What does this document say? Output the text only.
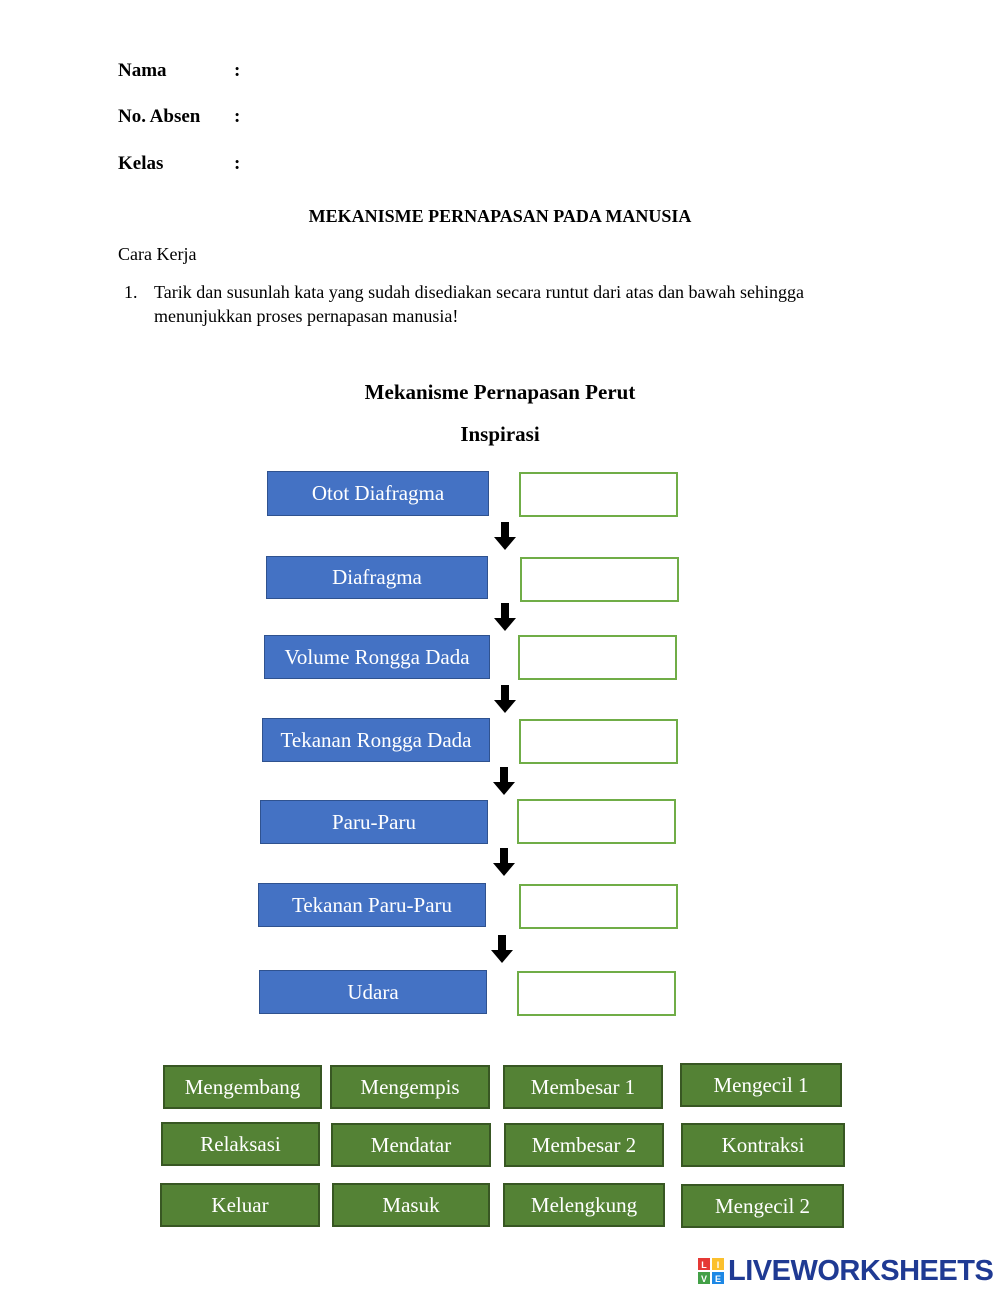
Nama	:
No. Absen :
Kelas	:
MEKANISME PERNAPASAN PADA MANUSIA
Cara Kerja
1. Tarik dan susunlah kata yang sudah disediakan secara runtut dari atas dan bawah sehingga
menunjukkan proses pernapasan manusia!
Mekanisme Pernapasan Perut
Inspirasi
Otot Diafragma
Diafragma
Volume Rongga Dada
Tekanan Rongga Dada
Paru-Paru
Tekanan Paru-Paru
Udara
Mengembang	Mengempis	Membesar 1	Mengecil 1
Relaksasi	Mendatar	Membesar 2	Kontraksi
Keluar	Masuk	Melengkung	Mengecil 2
L I
V E LIVEWORKSHEETS
